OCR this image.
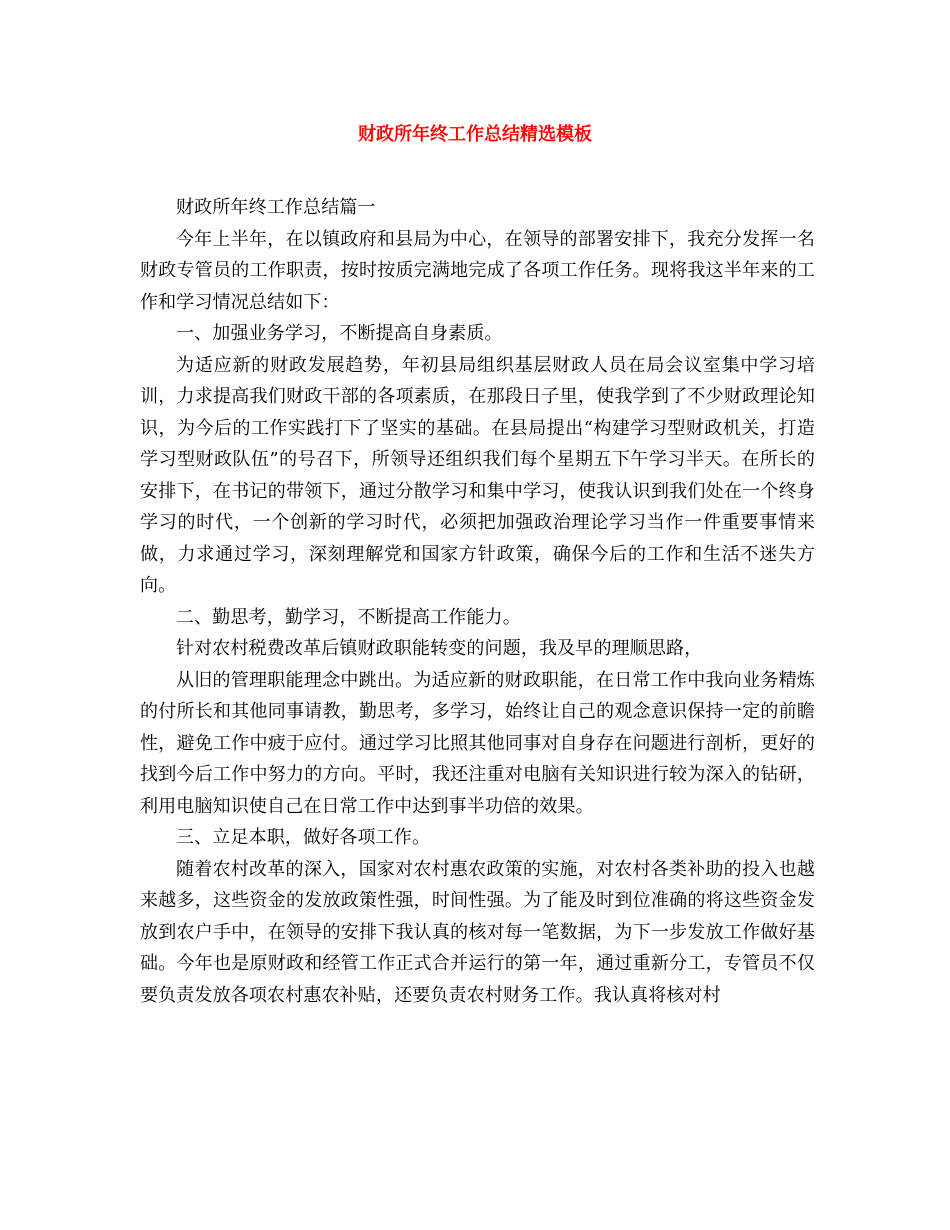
财政所年终工作总结精选模板

财政所年终工作总结篇一

今年上半年，在以镇政府和县局为中心，在领导的部署安排下，我充分发挥一名财政专管员的工作职责，按时按质完满地完成了各项工作任务。现将我这半年来的工作和学习情况总结如下：

一、加强业务学习，不断提高自身素质。

为适应新的财政发展趋势，年初县局组织基层财政人员在局会议室集中学习培训，力求提高我们财政干部的各项素质，在那段日子里，使我学到了不少财政理论知识，为今后的工作实践打下了坚实的基础。在县局提出“构建学习型财政机关，打造学习型财政队伍”的号召下，所领导还组织我们每个星期五下午学习半天。在所长的安排下，在书记的带领下，通过分散学习和集中学习，使我认识到我们处在一个终身学习的时代，一个创新的学习时代，必须把加强政治理论学习当作一件重要事情来做，力求通过学习，深刻理解党和国家方针政策，确保今后的工作和生活不迷失方向。

二、勤思考，勤学习，不断提高工作能力。

针对农村税费改革后镇财政职能转变的问题，我及早的理顺思路，

从旧的管理职能理念中跳出。为适应新的财政职能，在日常工作中我向业务精炼的付所长和其他同事请教，勤思考，多学习，始终让自己的观念意识保持一定的前瞻性，避免工作中疲于应付。通过学习比照其他同事对自身存在问题进行剖析，更好的找到今后工作中努力的方向。平时，我还注重对电脑有关知识进行较为深入的钻研，利用电脑知识使自己在日常工作中达到事半功倍的效果。

三、立足本职，做好各项工作。

随着农村改革的深入，国家对农村惠农政策的实施，对农村各类补助的投入也越来越多，这些资金的发放政策性强，时间性强。为了能及时到位准确的将这些资金发放到农户手中，在领导的安排下我认真的核对每一笔数据，为下一步发放工作做好基础。今年也是原财政和经管工作正式合并运行的第一年，通过重新分工，专管员不仅要负责发放各项农村惠农补贴，还要负责农村财务工作。我认真将核对村
